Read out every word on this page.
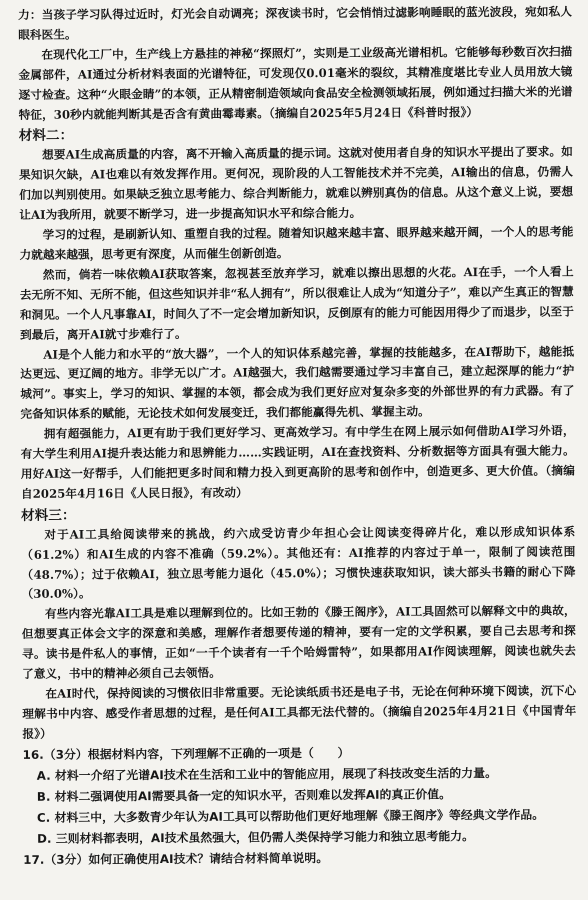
力：当孩子学习队得过近时，灯光会自动调亮；深夜读书时，它会悄悄过滤影响睡眠的蓝光波段，宛如私人眼科医生。

在现代化工厂中，生产线上方悬挂的神秘“探照灯”，实则是工业级高光谱相机。它能够每秒数百次扫描金属部件，AI通过分析材料表面的光谱特征，可发现仅0.01毫米的裂纹，其精准度堪比专业人员用放大镜逐寸检查。这种“火眼金睛”的本领，正从精密制造领域向食品安全检测领域拓展，例如通过扫描大米的光谱特征，30秒内就能判断其是否含有黄曲霉毒素。（摘编自2025年5月24日《科普时报》）

材料二：

想要AI生成高质量的内容，离不开输入高质量的提示词。这就对使用者自身的知识水平提出了要求。如果知识欠缺，AI也难以有效发挥作用。更何况，现阶段的人工智能技术并不完美，AI输出的信息，仍需人们加以判别使用。如果缺乏独立思考能力、综合判断能力，就难以辨别真伪的信息。从这个意义上说，要想让AI为我所用，就要不断学习，进一步提高知识水平和综合能力。

学习的过程，是刷新认知、重塑自我的过程。随着知识越来越丰富、眼界越来越开阔，一个人的思考能力就越来越强，思考更有深度，从而催生创新创造。

然而，倘若一味依赖AI获取答案，忽视甚至放弃学习，就难以擦出思想的火花。AI在手，一个人看上去无所不知、无所不能，但这些知识并非“私人拥有”，所以很难让人成为“知道分子”，难以产生真正的智慧和洞见。一个人凡事靠AI，时间久了不一定会增加新知识，反倒原有的能力可能因用得少了而退步，以至于到最后，离开AI就寸步难行了。

AI是个人能力和水平的“放大器”，一个人的知识体系越完善，掌握的技能越多，在AI帮助下，越能抵达更远、更辽阔的地方。非学无以广才。AI越强大，我们越需要通过学习丰富自己，建立起深厚的能力“护城河”。事实上，学习的知识、掌握的本领，都会成为我们更好应对复杂多变的外部世界的有力武器。有了完备知识体系的赋能，无论技术如何发展变迁，我们都能赢得先机、掌握主动。

拥有超强能力，AI更有助于我们更好学习、更高效学习。有中学生在网上展示如何借助AI学习外语，有大学生利用AI提升表达能力和思辨能力……实践证明，AI在查找资料、分析数据等方面具有强大能力。用好AI这一好帮手，人们能把更多时间和精力投入到更高阶的思考和创作中，创造更多、更大价值。（摘编自2025年4月16日《人民日报》，有改动）

材料三：

对于AI工具给阅读带来的挑战，约六成受访青少年担心会让阅读变得碎片化，难以形成知识体系（61.2%）和AI生成的内容不准确（59.2%）。其他还有：AI推荐的内容过于单一，限制了阅读范围（48.7%）；过于依赖AI，独立思考能力退化（45.0%）；习惯快速获取知识，读大部头书籍的耐心下降（30.0%）。

有些内容光靠AI工具是难以理解到位的。比如王勃的《滕王阁序》，AI工具固然可以解释文中的典故，但想要真正体会文字的深意和美感，理解作者想要传递的精神，要有一定的文学积累，要自己去思考和探寻。读书是件私人的事情，正如“一千个读者有一千个哈姆雷特”，如果都用AI作阅读理解，阅读也就失去了意义，书中的精神必须自己去领悟。

在AI时代，保持阅读的习惯依旧非常重要。无论读纸质书还是电子书，无论在何种环境下阅读，沉下心理解书中内容、感受作者思想的过程，是任何AI工具都无法代替的。（摘编自2025年4月21日《中国青年报》）

16.（3分）根据材料内容，下列理解不正确的一项是（　　）

A. 材料一介绍了光谱AI技术在生活和工业中的智能应用，展现了科技改变生活的力量。

B. 材料二强调使用AI需要具备一定的知识水平，否则难以发挥AI的真正价值。

C. 材料三中，大多数青少年认为AI工具可以帮助他们更好地理解《滕王阁序》等经典文学作品。

D. 三则材料都表明，AI技术虽然强大，但仍需人类保持学习能力和独立思考能力。

17.（3分）如何正确使用AI技术？请结合材料简单说明。
